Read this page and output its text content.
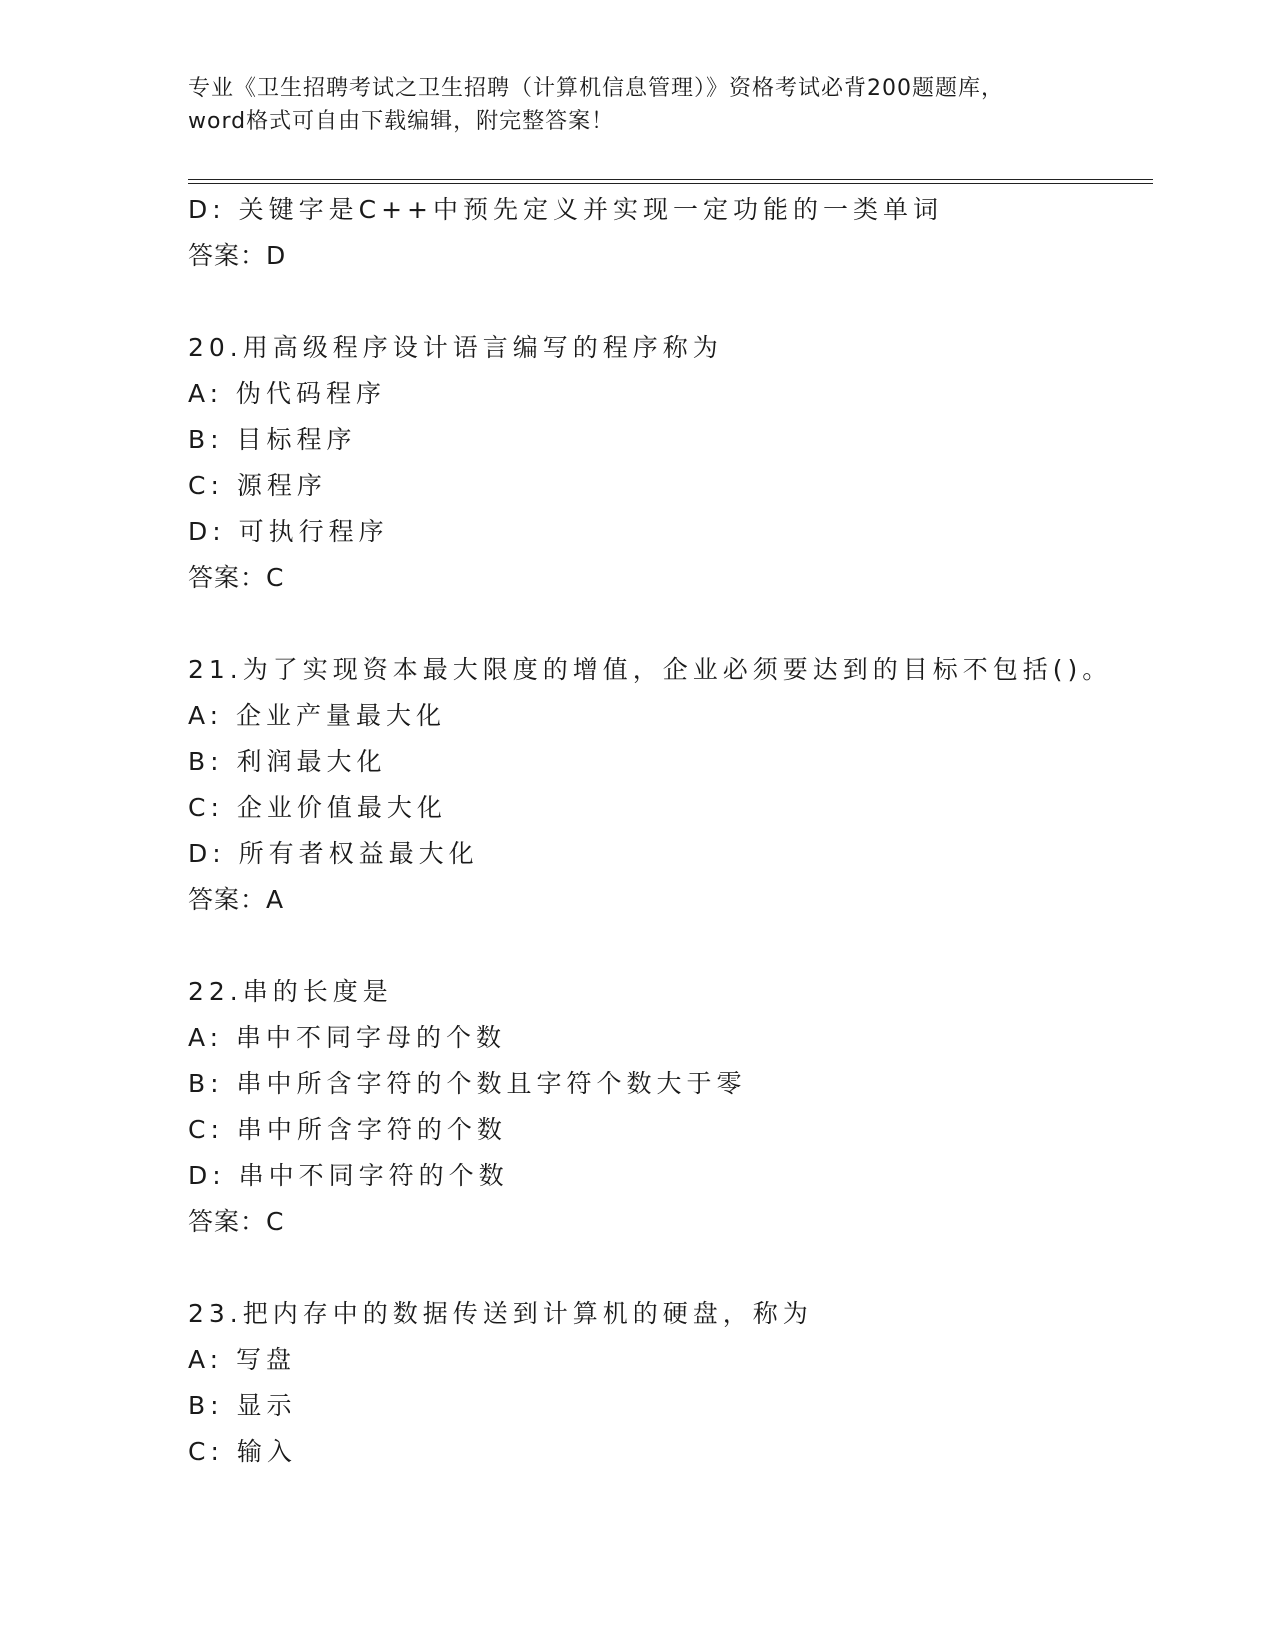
专业《卫生招聘考试之卫生招聘（计算机信息管理）》资格考试必背200题题库，
word格式可自由下载编辑，附完整答案！
D: 关键字是C++中预先定义并实现一定功能的一类单词
答案：D
20.用高级程序设计语言编写的程序称为
A: 伪代码程序
B: 目标程序
C: 源程序
D: 可执行程序
答案：C
21.为了实现资本最大限度的增值，企业必须要达到的目标不包括()。
A: 企业产量最大化
B: 利润最大化
C: 企业价值最大化
D: 所有者权益最大化
答案：A
22.串的长度是
A: 串中不同字母的个数
B: 串中所含字符的个数且字符个数大于零
C: 串中所含字符的个数
D: 串中不同字符的个数
答案：C
23.把内存中的数据传送到计算机的硬盘，称为
A: 写盘
B: 显示
C: 输入
